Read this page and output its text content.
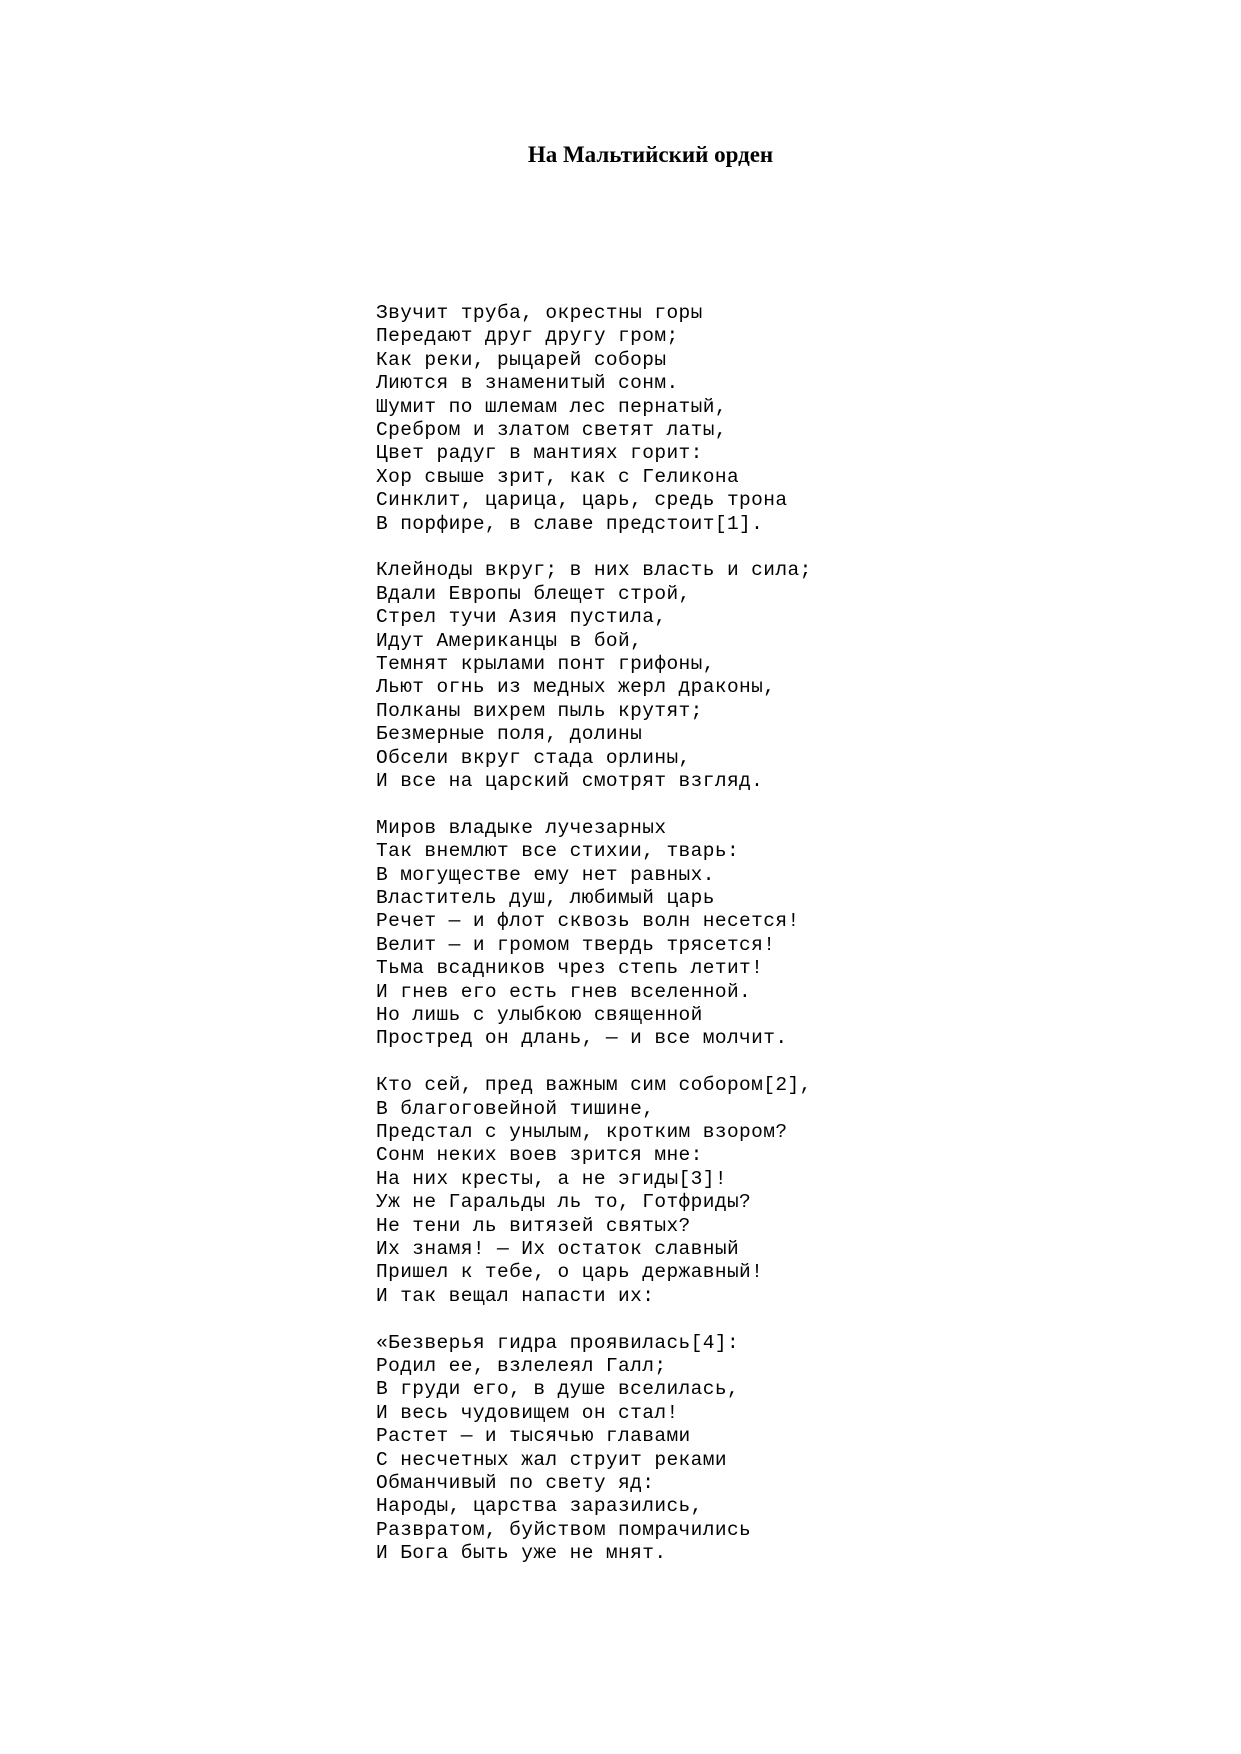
На Мальтийский орден
Звучит труба, окрестны горы
Передают друг другу гром;
Как реки, рыцарей соборы
Лиются в знаменитый сонм.
Шумит по шлемам лес пернатый,
Сребром и златом светят латы,
Цвет радуг в мантиях горит:
Хор свыше зрит, как с Геликона
Синклит, царица, царь, средь трона
В порфире, в славе предстоит[1].
Клейноды вкруг; в них власть и сила;
Вдали Европы блещет строй,
Стрел тучи Азия пустила,
Идут Американцы в бой,
Темнят крылами понт грифоны,
Льют огнь из медных жерл драконы,
Полканы вихрем пыль крутят;
Безмерные поля, долины
Обсели вкруг стада орлины,
И все на царский смотрят взгляд.
Миров владыке лучезарных
Так внемлют все стихии, тварь:
В могуществе ему нет равных.
Властитель душ, любимый царь
Речет — и флот сквозь волн несется!
Велит — и громом твердь трясется!
Тьма всадников чрез степь летит!
И гнев его есть гнев вселенной.
Но лишь с улыбкою священной
Простред он длань, — и все молчит.
Кто сей, пред важным сим собором[2],
В благоговейной тишине,
Предстал с унылым, кротким взором?
Сонм неких воев зрится мне:
На них кресты, а не эгиды[3]!
Уж не Гаральды ль то, Готфриды?
Не тени ль витязей святых?
Их знамя! — Их остаток славный
Пришел к тебе, о царь державный!
И так вещал напасти их:
«Безверья гидра проявилась[4]:
Родил ее, взлелеял Галл;
В груди его, в душе вселилась,
И весь чудовищем он стал!
Растет — и тысячью главами
С несчетных жал струит реками
Обманчивый по свету яд:
Народы, царства заразились,
Развратом, буйством помрачились
И Бога быть уже не мнят.
